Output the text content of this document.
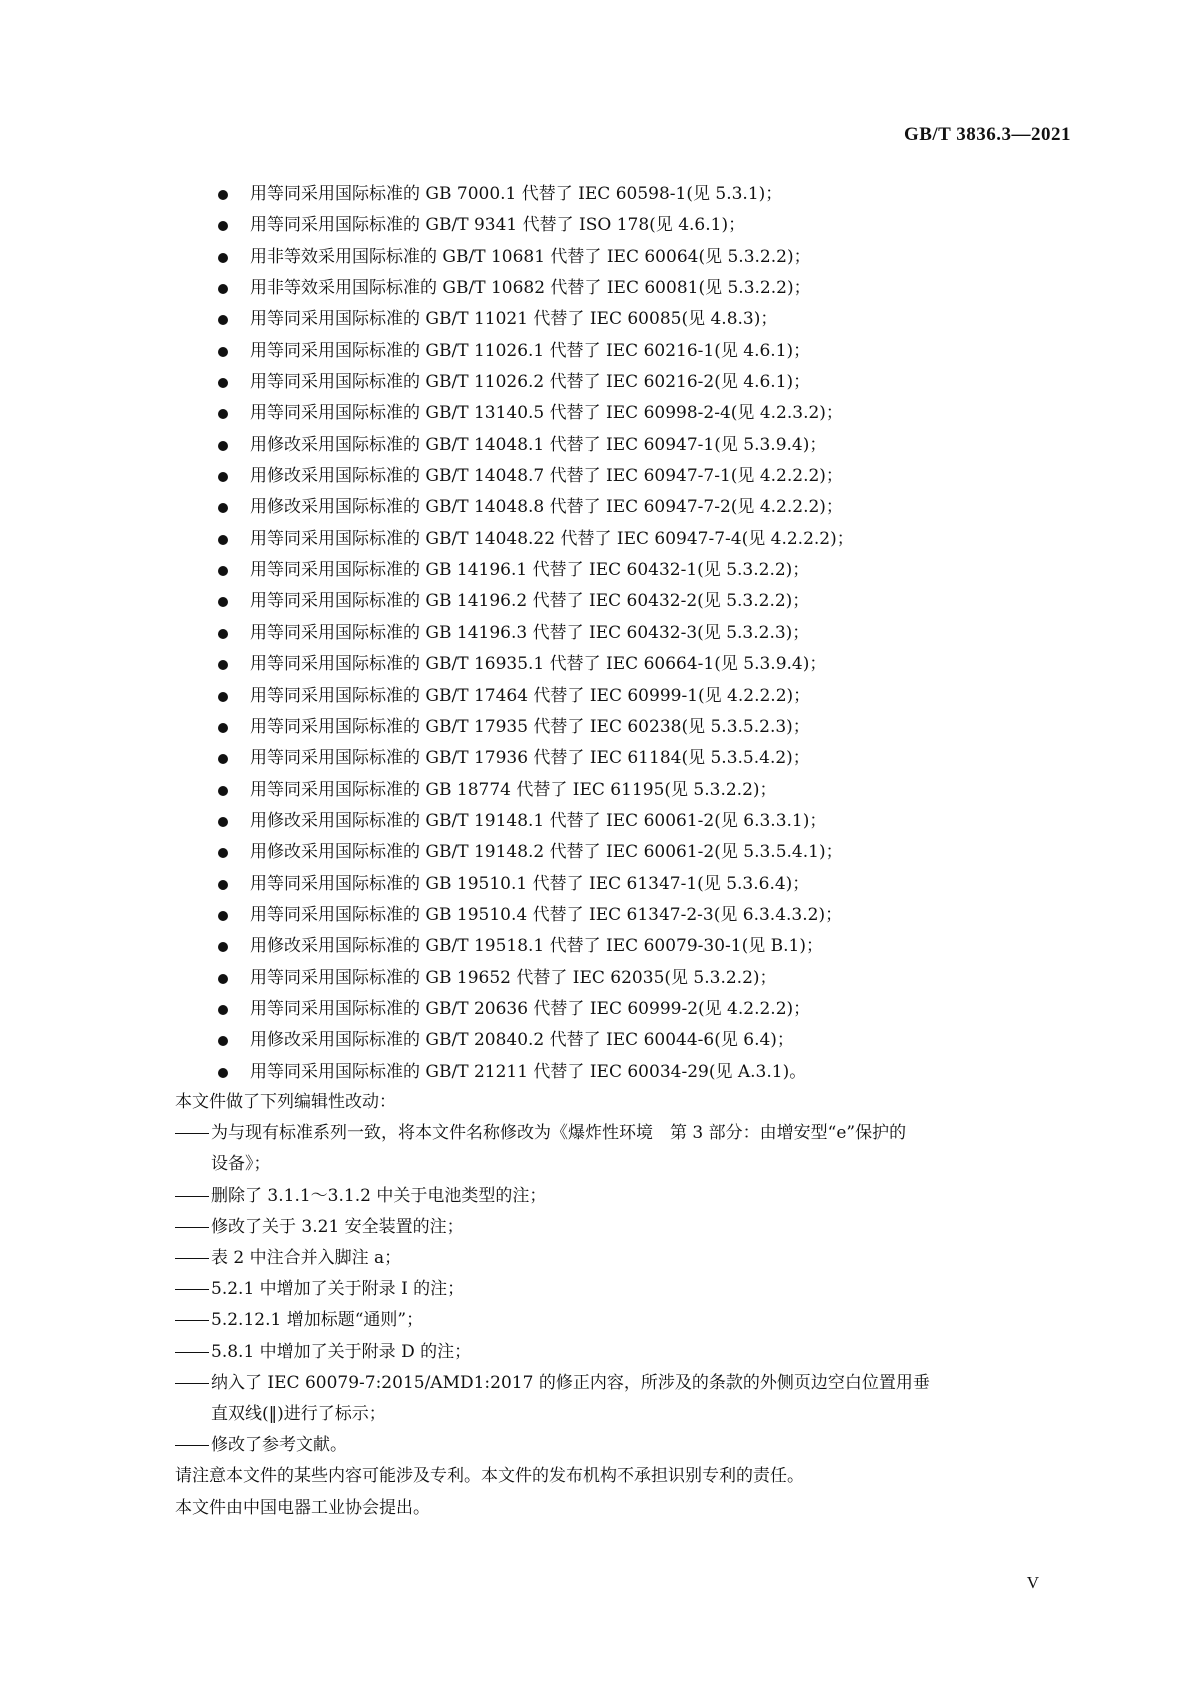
GB/T 3836.3—2021
用等同采用国际标准的 GB 7000.1 代替了 IEC 60598-1(见 5.3.1)；
用等同采用国际标准的 GB/T 9341 代替了 ISO 178(见 4.6.1)；
用非等效采用国际标准的 GB/T 10681 代替了 IEC 60064(见 5.3.2.2)；
用非等效采用国际标准的 GB/T 10682 代替了 IEC 60081(见 5.3.2.2)；
用等同采用国际标准的 GB/T 11021 代替了 IEC 60085(见 4.8.3)；
用等同采用国际标准的 GB/T 11026.1 代替了 IEC 60216-1(见 4.6.1)；
用等同采用国际标准的 GB/T 11026.2 代替了 IEC 60216-2(见 4.6.1)；
用等同采用国际标准的 GB/T 13140.5 代替了 IEC 60998-2-4(见 4.2.3.2)；
用修改采用国际标准的 GB/T 14048.1 代替了 IEC 60947-1(见 5.3.9.4)；
用修改采用国际标准的 GB/T 14048.7 代替了 IEC 60947-7-1(见 4.2.2.2)；
用修改采用国际标准的 GB/T 14048.8 代替了 IEC 60947-7-2(见 4.2.2.2)；
用等同采用国际标准的 GB/T 14048.22 代替了 IEC 60947-7-4(见 4.2.2.2)；
用等同采用国际标准的 GB 14196.1 代替了 IEC 60432-1(见 5.3.2.2)；
用等同采用国际标准的 GB 14196.2 代替了 IEC 60432-2(见 5.3.2.2)；
用等同采用国际标准的 GB 14196.3 代替了 IEC 60432-3(见 5.3.2.3)；
用等同采用国际标准的 GB/T 16935.1 代替了 IEC 60664-1(见 5.3.9.4)；
用等同采用国际标准的 GB/T 17464 代替了 IEC 60999-1(见 4.2.2.2)；
用等同采用国际标准的 GB/T 17935 代替了 IEC 60238(见 5.3.5.2.3)；
用等同采用国际标准的 GB/T 17936 代替了 IEC 61184(见 5.3.5.4.2)；
用等同采用国际标准的 GB 18774 代替了 IEC 61195(见 5.3.2.2)；
用修改采用国际标准的 GB/T 19148.1 代替了 IEC 60061-2(见 6.3.3.1)；
用修改采用国际标准的 GB/T 19148.2 代替了 IEC 60061-2(见 5.3.5.4.1)；
用等同采用国际标准的 GB 19510.1 代替了 IEC 61347-1(见 5.3.6.4)；
用等同采用国际标准的 GB 19510.4 代替了 IEC 61347-2-3(见 6.3.4.3.2)；
用修改采用国际标准的 GB/T 19518.1 代替了 IEC 60079-30-1(见 B.1)；
用等同采用国际标准的 GB 19652 代替了 IEC 62035(见 5.3.2.2)；
用等同采用国际标准的 GB/T 20636 代替了 IEC 60999-2(见 4.2.2.2)；
用修改采用国际标准的 GB/T 20840.2 代替了 IEC 60044-6(见 6.4)；
用等同采用国际标准的 GB/T 21211 代替了 IEC 60034-29(见 A.3.1)。

本文件做了下列编辑性改动：

为与现有标准系列一致，将本文件名称修改为《爆炸性环境　第 3 部分：由增安型“e”保护的
设备》；
删除了 3.1.1～3.1.2 中关于电池类型的注；
修改了关于 3.21 安全装置的注；
表 2 中注合并入脚注 a；
5.2.1 中增加了关于附录 I 的注；
5.2.12.1 增加标题“通则”；
5.8.1 中增加了关于附录 D 的注；
纳入了 IEC 60079-7:2015/AMD1:2017 的修正内容，所涉及的条款的外侧页边空白位置用垂
直双线(‖)进行了标示；
修改了参考文献。

请注意本文件的某些内容可能涉及专利。本文件的发布机构不承担识别专利的责任。

本文件由中国电器工业协会提出。

V
